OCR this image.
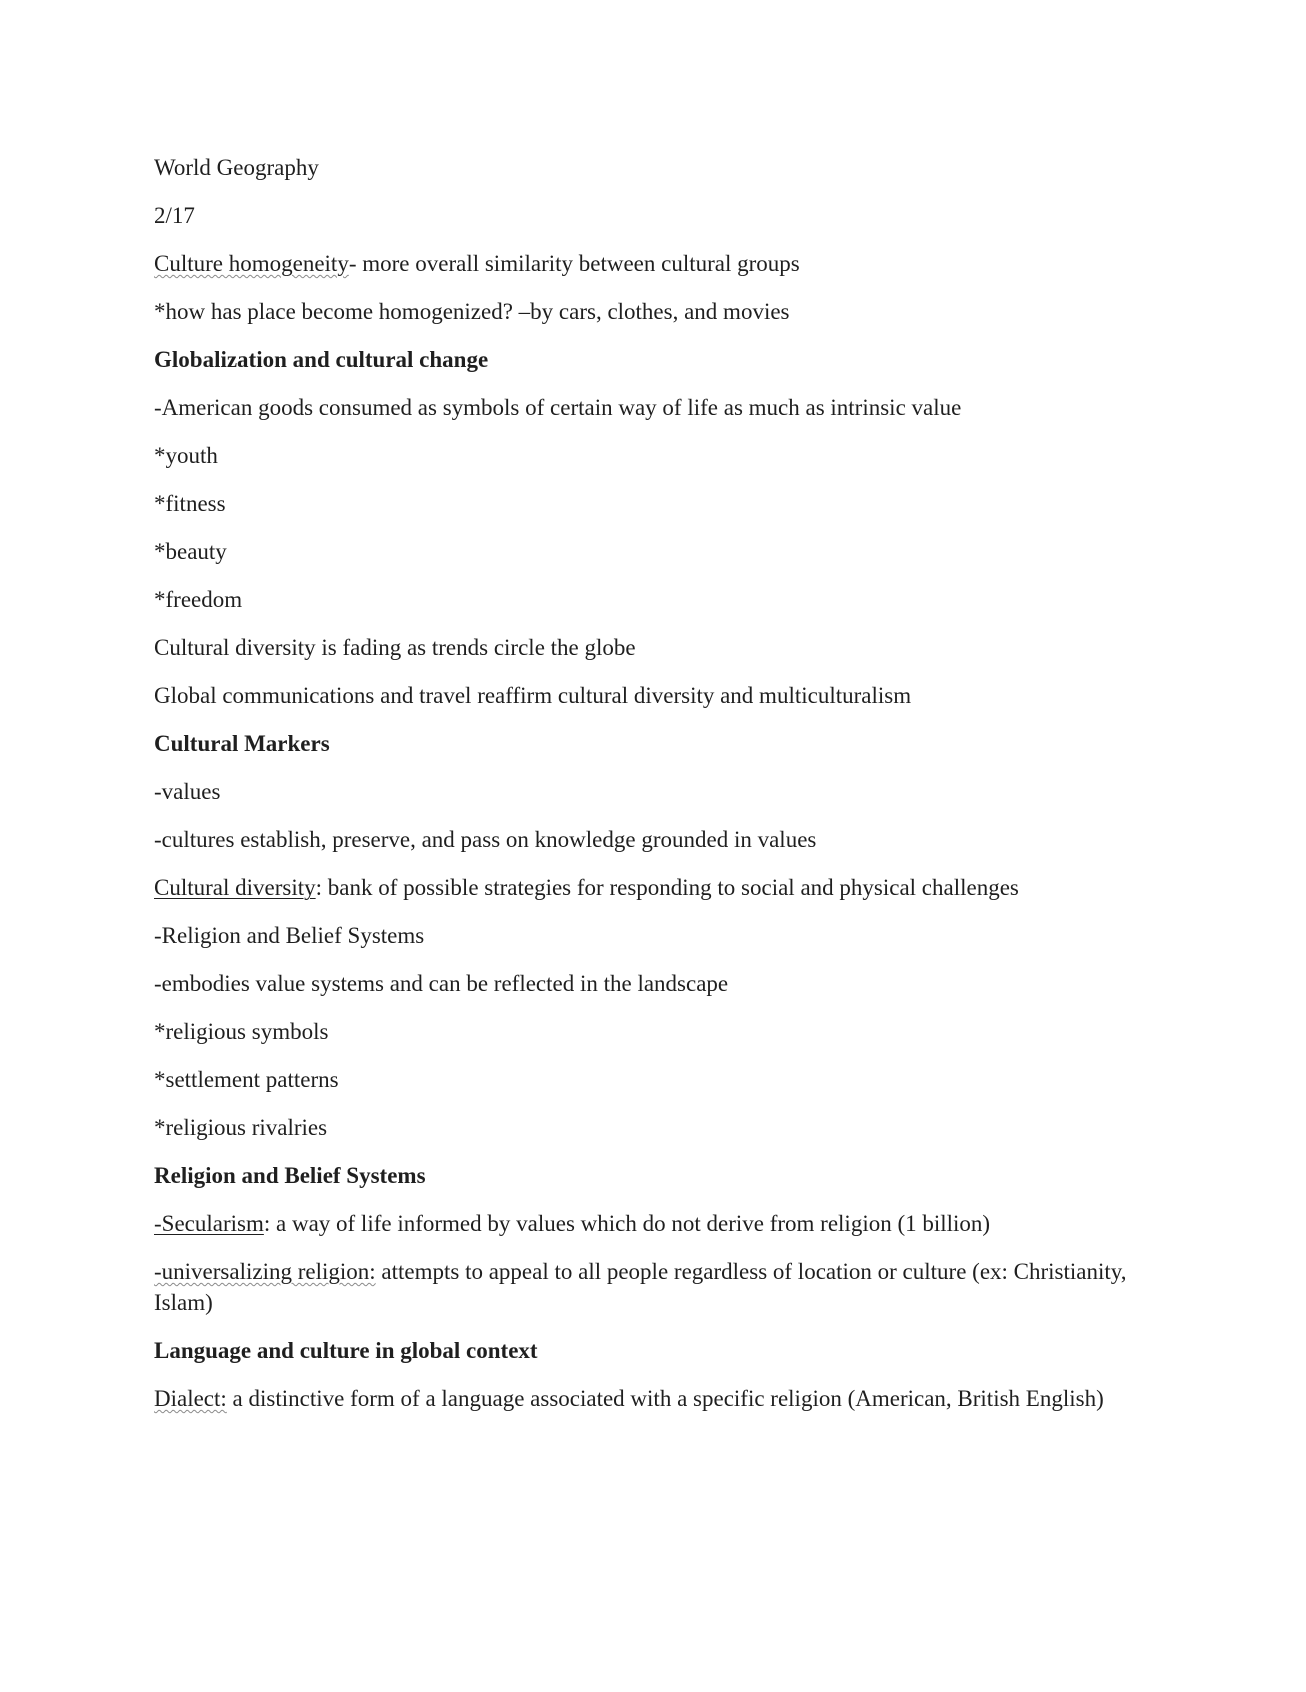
World Geography

2/17

Culture homogeneity- more overall similarity between cultural groups

*how has place become homogenized? –by cars, clothes, and movies

Globalization and cultural change

-American goods consumed as symbols of certain way of life as much as intrinsic value

*youth

*fitness

*beauty

*freedom

Cultural diversity is fading as trends circle the globe

Global communications and travel reaffirm cultural diversity and multiculturalism

Cultural Markers

-values

-cultures establish, preserve, and pass on knowledge grounded in values

Cultural diversity: bank of possible strategies for responding to social and physical challenges

-Religion and Belief Systems

-embodies value systems and can be reflected in the landscape

*religious symbols

*settlement patterns

*religious rivalries

Religion and Belief Systems

-Secularism: a way of life informed by values which do not derive from religion (1 billion)

-universalizing religion: attempts to appeal to all people regardless of location or culture (ex: Christianity, Islam)

Language and culture in global context

Dialect: a distinctive form of a language associated with a specific religion (American, British English)
